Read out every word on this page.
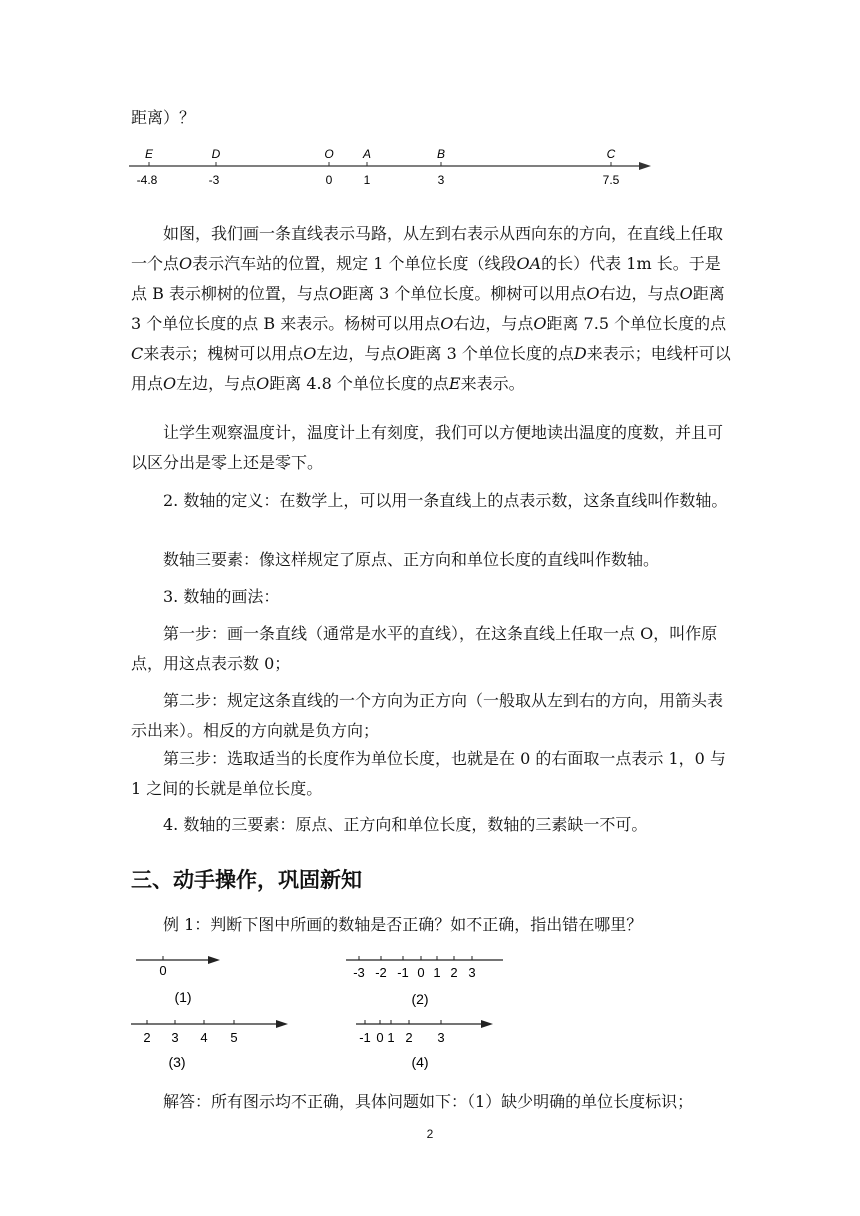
距离）？

E
-4.8
D
-3
O
0
A
1
B
3
C
7.5

如图，我们画一条直线表示马路，从左到右表示从西向东的方向，在直线上任取一个点O表示汽车站的位置，规定 1 个单位长度（线段OA的长）代表 1m 长。于是点 B 表示柳树的位置，与点O距离 3 个单位长度。柳树可以用点O右边，与点O距离 3 个单位长度的点 B 来表示。杨树可以用点O右边，与点O距离 7.5 个单位长度的点C来表示；槐树可以用点O左边，与点O距离 3 个单位长度的点D来表示；电线杆可以用点O左边，与点O距离 4.8 个单位长度的点E来表示。

让学生观察温度计，温度计上有刻度，我们可以方便地读出温度的度数，并且可以区分出是零上还是零下。

2. 数轴的定义：在数学上，可以用一条直线上的点表示数，这条直线叫作数轴。

数轴三要素：像这样规定了原点、正方向和单位长度的直线叫作数轴。

3. 数轴的画法：

第一步：画一条直线（通常是水平的直线），在这条直线上任取一点 O，叫作原点，用这点表示数 0；

第二步：规定这条直线的一个方向为正方向（一般取从左到右的方向，用箭头表示出来）。相反的方向就是负方向；

第三步：选取适当的长度作为单位长度，也就是在 0 的右面取一点表示 1，0 与 1 之间的长就是单位长度。

4. 数轴的三要素：原点、正方向和单位长度，数轴的三素缺一不可。

三、动手操作，巩固新知

例 1：判断下图中所画的数轴是否正确？如不正确，指出错在哪里？

0
(1)
-3 -2 -1 0 1 2 3
(2)
2 3 4 5
(3)
-1 0 1 2 3
(4)

解答：所有图示均不正确，具体问题如下：（1）缺少明确的单位长度标识；

2
